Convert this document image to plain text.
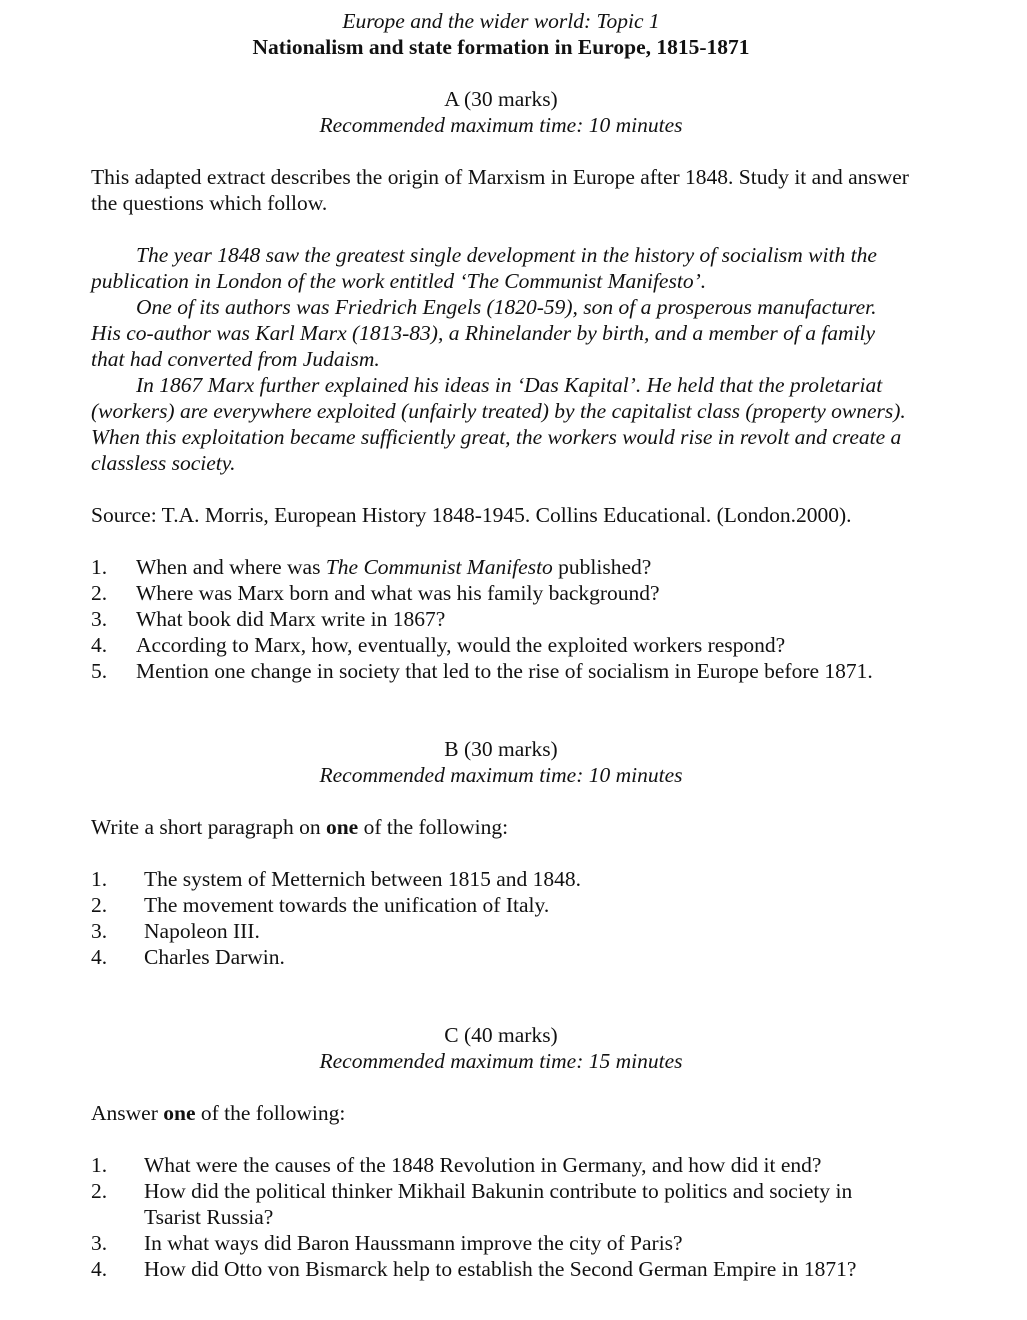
Europe and the wider world: Topic 1
Nationalism and state formation in Europe, 1815-1871
A (30 marks)
Recommended maximum time: 10 minutes

This adapted extract describes the origin of Marxism in Europe after 1848. Study it and answer the questions which follow.

The year 1848 saw the greatest single development in the history of socialism with the publication in London of the work entitled ‘The Communist Manifesto’.

One of its authors was Friedrich Engels (1820-59), son of a prosperous manufacturer. His co-author was Karl Marx (1813-83), a Rhinelander by birth, and a member of a family that had converted from Judaism.

In 1867 Marx further explained his ideas in ‘Das Kapital’. He held that the proletariat (workers) are everywhere exploited (unfairly treated) by the capitalist class (property owners). When this exploitation became sufficiently great, the workers would rise in revolt and create a classless society.

Source: T.A. Morris, European History 1848-1945. Collins Educational. (London.2000).

1.	When and where was The Communist Manifesto published?
2.	Where was Marx born and what was his family background?
3.	What book did Marx write in 1867?
4.	According to Marx, how, eventually, would the exploited workers respond?
5.	Mention one change in society that led to the rise of socialism in Europe before 1871.
B (30 marks)
Recommended maximum time: 10 minutes

Write a short paragraph on one of the following:

1.	The system of Metternich between 1815 and 1848.
2.	The movement towards the unification of Italy.
3.	Napoleon III.
4.	Charles Darwin.
C (40 marks)
Recommended maximum time: 15 minutes

Answer one of the following:

1.	What were the causes of the 1848 Revolution in Germany, and how did it end?
2.	How did the political thinker Mikhail Bakunin contribute to politics and society in Tsarist Russia?
3.	In what ways did Baron Haussmann improve the city of Paris?
4.	How did Otto von Bismarck help to establish the Second German Empire in 1871?
